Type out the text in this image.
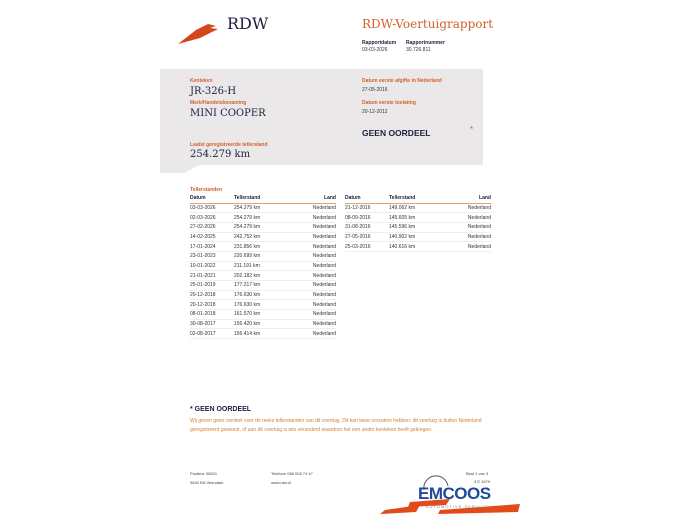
RDW	RDW-Voertuigrapport
Rapportdatum
03-03-2026
Rapportnummer
30.726.811
Kenteken
JR-326-H
Merk/Handelsbenaming
MINI COOPER
Laatst geregistreerde tellerstand
254.279 km
Datum eerste afgifte in Nederland
27-05-2016
Datum eerste toelating
20-12-2012
GEEN OORDEEL	*
Tellerstanden
Datum	Tellerstand	Land
03-03-2026	254.279 km	Nederland
02-03-2026	254.279 km	Nederland
27-02-2026	254.279 km	Nederland
14-02-2025	242.752 km	Nederland
17-01-2024	231.856 km	Nederland
23-01-2023	220.699 km	Nederland
10-01-2022	211.191 km	Nederland
21-01-2021	202.182 km	Nederland
25-01-2019	177.217 km	Nederland
20-12-2018	176.630 km	Nederland
20-12-2018	176.630 km	Nederland
08-01-2018	161.570 km	Nederland
30-08-2017	156.420 km	Nederland
02-08-2017	156.414 km	Nederland
Datum	Tellerstand	Land
21-12-2016	149.062 km	Nederland
08-09-2016	145.605 km	Nederland
31-08-2016	145.596 km	Nederland
27-05-2016	140.902 km	Nederland
25-03-2016	140.616 km	Nederland
* GEEN OORDEEL
Wij geven geen oordeel over de reeks tellerstanden van dit voertuig. Dit kan twee oorzaken hebben: dit voertuig is buiten Nederland geregistreerd geweest, of aan dit voertuig is iets veranderd waardoor het een ander kenteken heeft gekregen.
Postbus 30000
9640 RA Veendam
Telefoon 088 008 74 47
www.rdw.nl
Blad 1 van 3
3 E 1679
EMCOOS
AUTOMOTIVE SERVICE
